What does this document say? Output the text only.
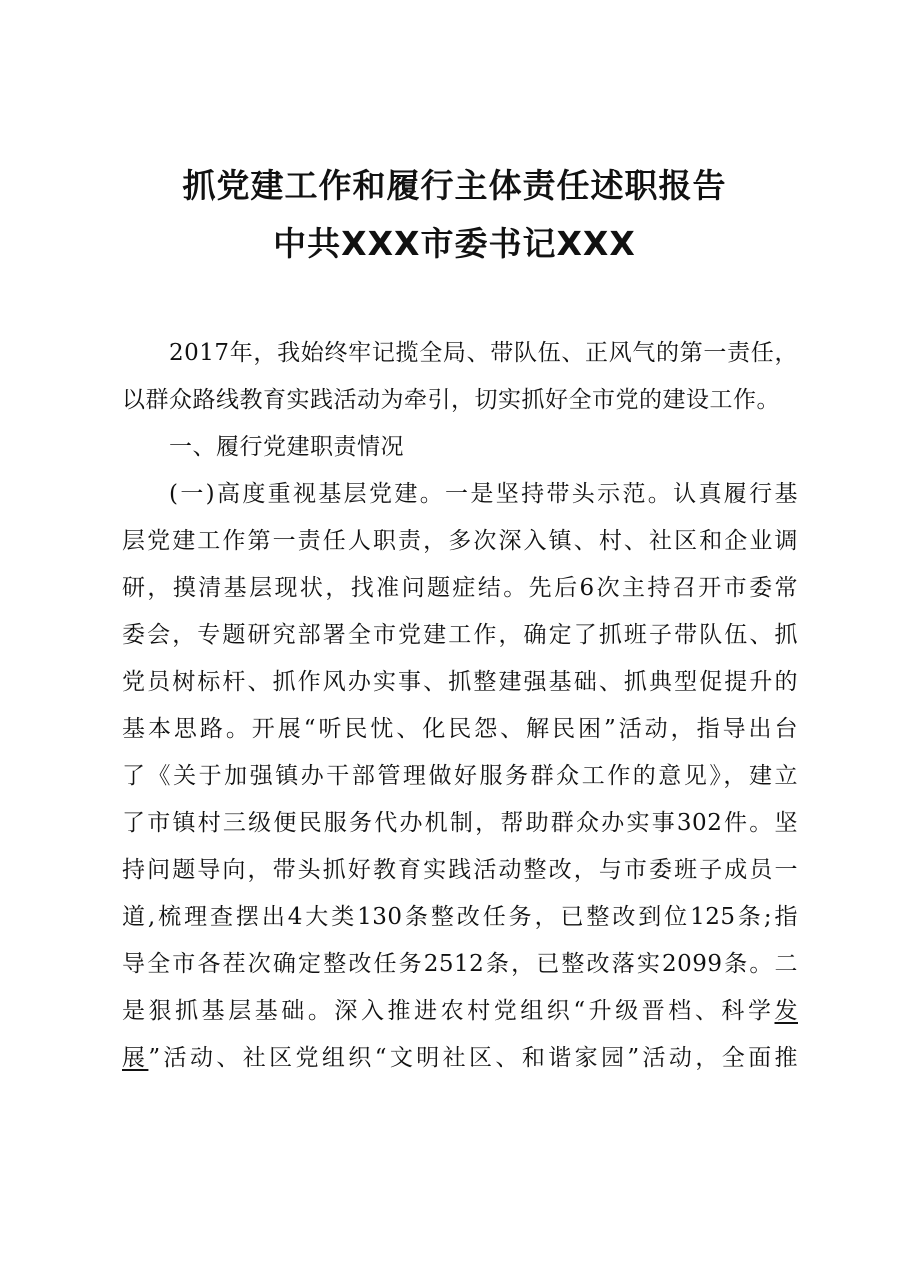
抓党建工作和履行主体责任述职报告
中共XXX市委书记XXX
2017年，我始终牢记揽全局、带队伍、正风气的第一责任，
以群众路线教育实践活动为牵引，切实抓好全市党的建设工作。
一、履行党建职责情况
(一)高度重视基层党建。一是坚持带头示范。认真履行基
层党建工作第一责任人职责，多次深入镇、村、社区和企业调
研，摸清基层现状，找准问题症结。先后6次主持召开市委常
委会，专题研究部署全市党建工作，确定了抓班子带队伍、抓
党员树标杆、抓作风办实事、抓整建强基础、抓典型促提升的
基本思路。开展“听民忧、化民怨、解民困”活动，指导出台
了《关于加强镇办干部管理做好服务群众工作的意见》，建立
了市镇村三级便民服务代办机制，帮助群众办实事302件。坚
持问题导向，带头抓好教育实践活动整改，与市委班子成员一
道,梳理查摆出4大类130条整改任务，已整改到位125条;指
导全市各茬次确定整改任务2512条，已整改落实2099条。二
是狠抓基层基础。深入推进农村党组织“升级晋档、科学发
展”活动、社区党组织“文明社区、和谐家园”活动，全面推
